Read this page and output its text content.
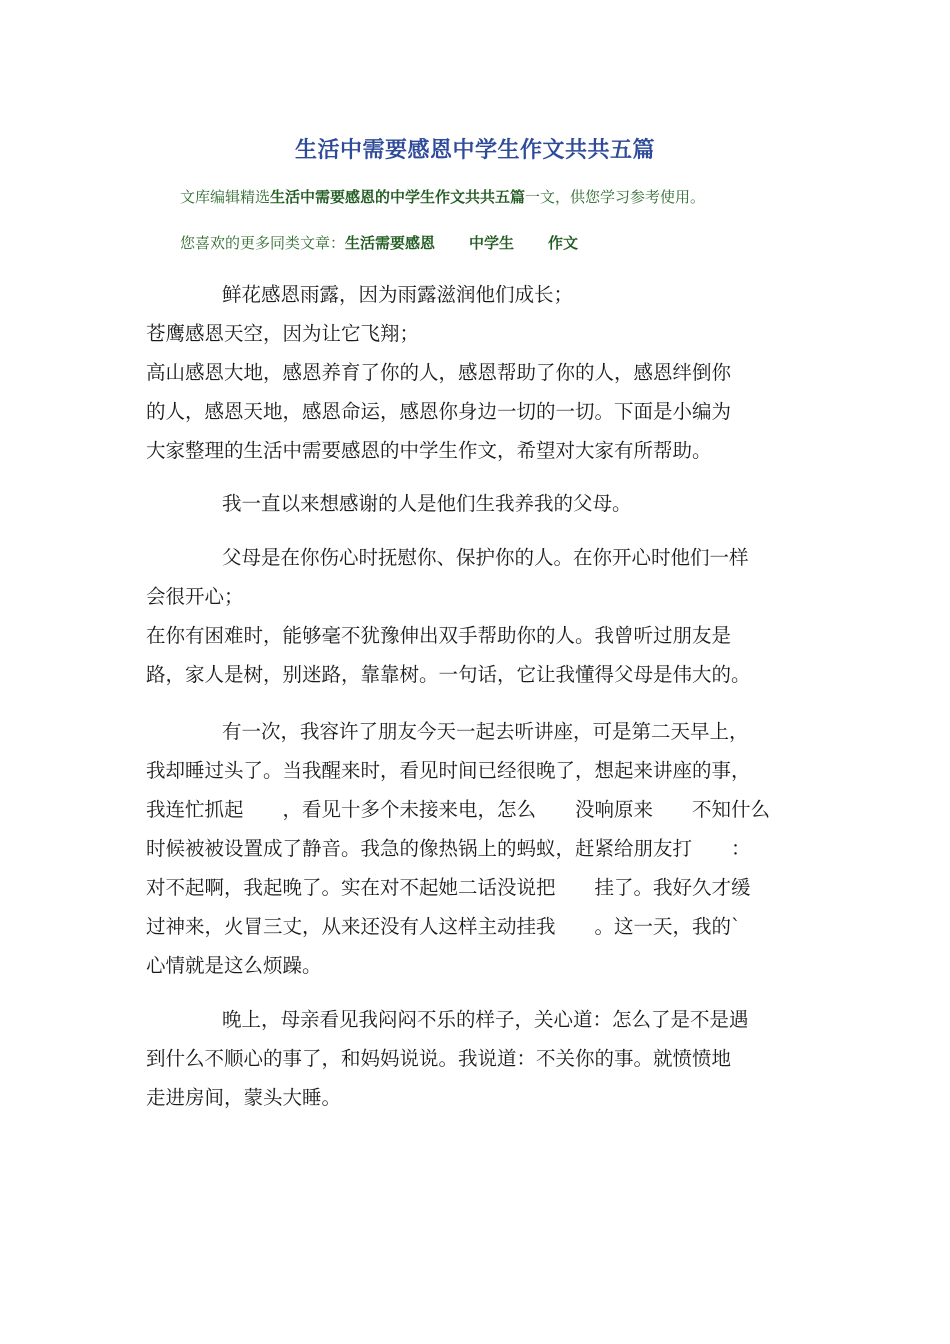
生活中需要感恩中学生作文共共五篇
文库编辑精选生活中需要感恩的中学生作文共共五篇一文，供您学习参考使用。
您喜欢的更多同类文章：生活需要感恩 中学生 作文
鲜花感恩雨露，因为雨露滋润他们成长；
苍鹰感恩天空，因为让它飞翔；
高山感恩大地，感恩养育了你的人，感恩帮助了你的人，感恩绊倒你
的人，感恩天地，感恩命运，感恩你身边一切的一切。下面是小编为
大家整理的生活中需要感恩的中学生作文，希望对大家有所帮助。
我一直以来想感谢的人是他们生我养我的父母。
父母是在你伤心时抚慰你、保护你的人。在你开心时他们一样
会很开心；
在你有困难时，能够毫不犹豫伸出双手帮助你的人。我曾听过朋友是
路，家人是树，别迷路，靠靠树。一句话，它让我懂得父母是伟大的。
有一次，我容许了朋友今天一起去听讲座，可是第二天早上，
我却睡过头了。当我醒来时，看见时间已经很晚了，想起来讲座的事，
我连忙抓起　　，看见十多个未接来电，怎么　　没响原来　　不知什么
时候被被设置成了静音。我急的像热锅上的蚂蚁，赶紧给朋友打　　：
对不起啊，我起晚了。实在对不起她二话没说把　　挂了。我好久才缓
过神来，火冒三丈，从来还没有人这样主动挂我　　。这一天，我的`
心情就是这么烦躁。
晚上，母亲看见我闷闷不乐的样子，关心道：怎么了是不是遇
到什么不顺心的事了，和妈妈说说。我说道：不关你的事。就愤愤地
走进房间，蒙头大睡。
